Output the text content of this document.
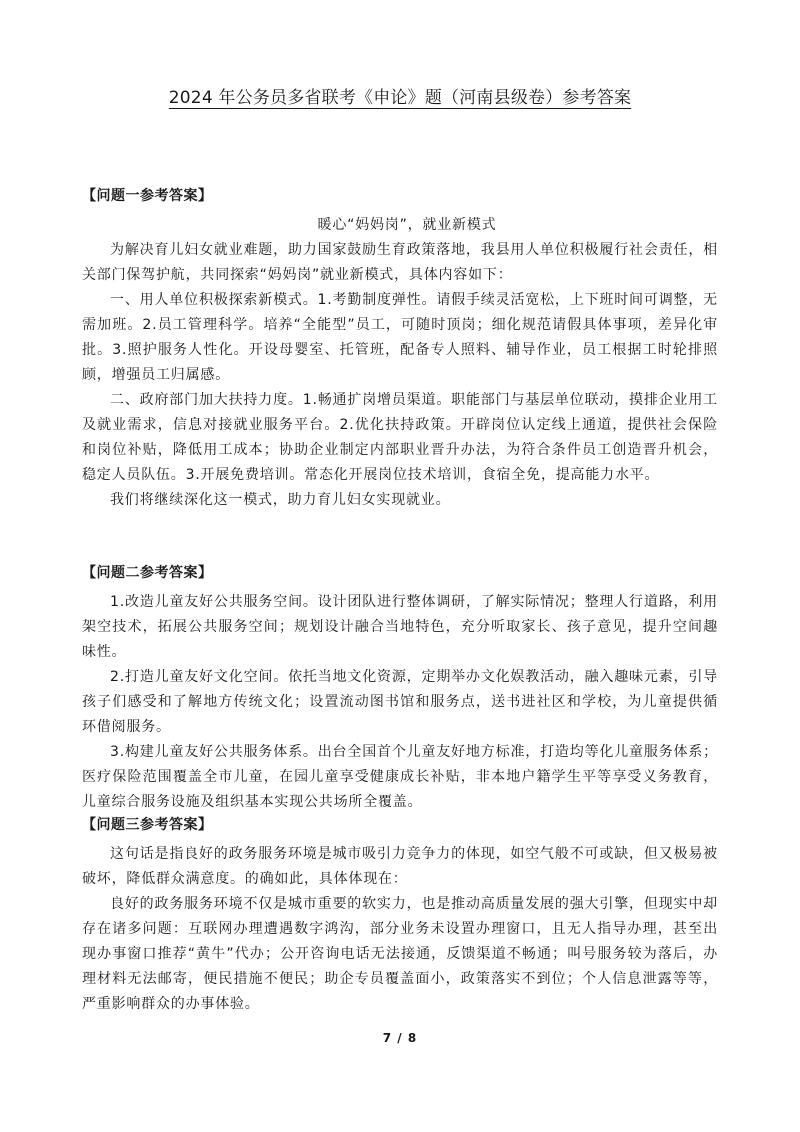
2024 年公务员多省联考《申论》题（河南县级卷）参考答案

【问题一参考答案】

暖心“妈妈岗”，就业新模式

为解决育儿妇女就业难题，助力国家鼓励生育政策落地，我县用人单位积极履行社会责任，相关部门保驾护航，共同探索“妈妈岗”就业新模式，具体内容如下：

一、用人单位积极探索新模式。1.考勤制度弹性。请假手续灵活宽松，上下班时间可调整，无需加班。2.员工管理科学。培养“全能型”员工，可随时顶岗；细化规范请假具体事项，差异化审批。3.照护服务人性化。开设母婴室、托管班，配备专人照料、辅导作业，员工根据工时轮排照顾，增强员工归属感。

二、政府部门加大扶持力度。1.畅通扩岗增员渠道。职能部门与基层单位联动，摸排企业用工及就业需求，信息对接就业服务平台。2.优化扶持政策。开辟岗位认定线上通道，提供社会保险和岗位补贴，降低用工成本；协助企业制定内部职业晋升办法，为符合条件员工创造晋升机会，稳定人员队伍。3.开展免费培训。常态化开展岗位技术培训，食宿全免，提高能力水平。

我们将继续深化这一模式，助力育儿妇女实现就业。

【问题二参考答案】

1.改造儿童友好公共服务空间。设计团队进行整体调研，了解实际情况；整理人行道路，利用架空技术，拓展公共服务空间；规划设计融合当地特色，充分听取家长、孩子意见，提升空间趣味性。

2.打造儿童友好文化空间。依托当地文化资源，定期举办文化娱教活动，融入趣味元素，引导孩子们感受和了解地方传统文化；设置流动图书馆和服务点，送书进社区和学校，为儿童提供循环借阅服务。

3.构建儿童友好公共服务体系。出台全国首个儿童友好地方标准，打造均等化儿童服务体系；医疗保险范围覆盖全市儿童，在园儿童享受健康成长补贴，非本地户籍学生平等享受义务教育，儿童综合服务设施及组织基本实现公共场所全覆盖。

【问题三参考答案】

这句话是指良好的政务服务环境是城市吸引力竞争力的体现，如空气般不可或缺，但又极易被破坏，降低群众满意度。的确如此，具体体现在：

良好的政务服务环境不仅是城市重要的软实力，也是推动高质量发展的强大引擎，但现实中却存在诸多问题：互联网办理遭遇数字鸿沟，部分业务未设置办理窗口，且无人指导办理，甚至出现办事窗口推荐“黄牛”代办；公开咨询电话无法接通，反馈渠道不畅通；叫号服务较为落后，办理材料无法邮寄，便民措施不便民；助企专员覆盖面小，政策落实不到位；个人信息泄露等等，严重影响群众的办事体验。

7 / 8
